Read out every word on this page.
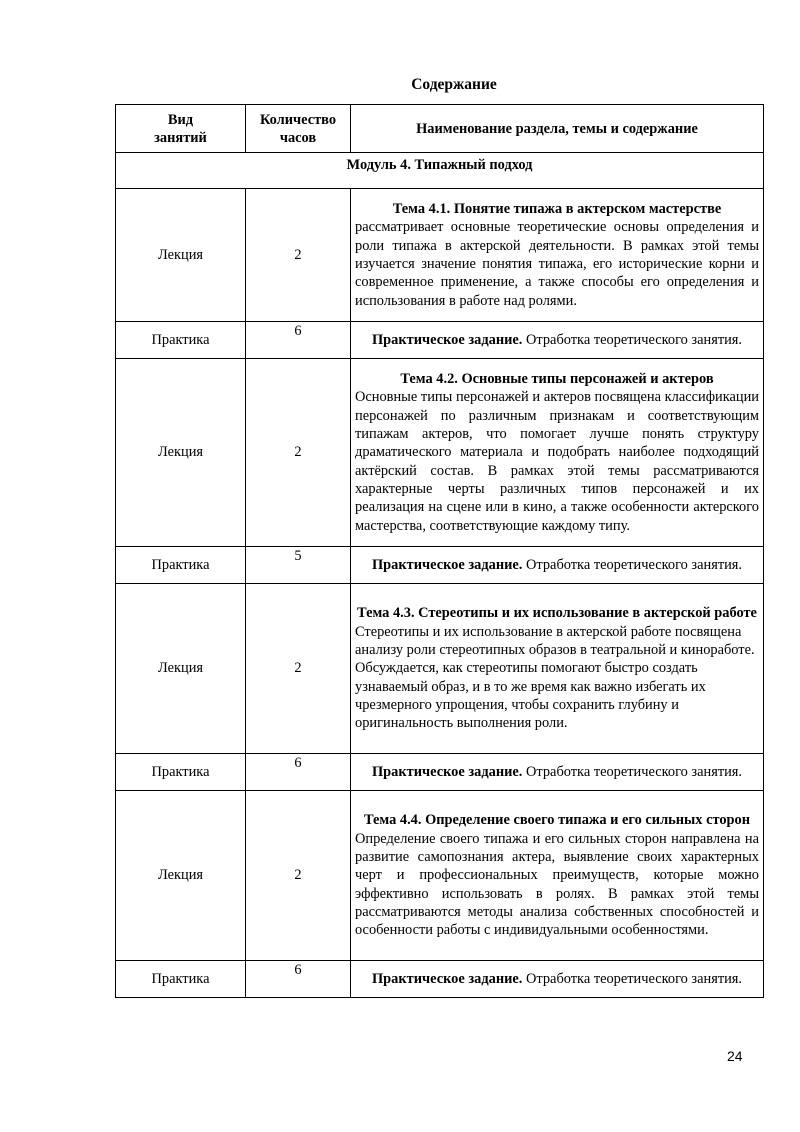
Содержание
Вид занятий	Количество часов	Наименование раздела, темы и содержание
Модуль 4. Типажный подход		
Лекция	2	Тема 4.1. Понятие типажа в актерском мастерстве
рассматривает основные теоретические основы определения и роли типажа в актерской деятельности. В рамках этой темы изучается значение понятия типажа, его исторические корни и современное применение, а также способы его определения и использования в работе над ролями.

Практика	6	Практическое задание. Отработка теоретического занятия.

Лекция	2	Тема 4.2. Основные типы персонажей и актеров
Основные типы персонажей и актеров посвящена классификации персонажей по различным признакам и соответствующим типажам актеров, что помогает лучше понять структуру драматического материала и подобрать наиболее подходящий актёрский состав. В рамках этой темы рассматриваются характерные черты различных типов персонажей и их реализация на сцене или в кино, а также особенности актерского мастерства, соответствующие каждому типу.

Практика	5	Практическое задание. Отработка теоретического занятия.

Лекция	2	Тема 4.3. Стереотипы и их использование в актерской работе
Стереотипы и их использование в актерской работе посвящена анализу роли стереотипных образов в театральной и киноработе. Обсуждается, как стереотипы помогают быстро создать узнаваемый образ, и в то же время как важно избегать их чрезмерного упрощения, чтобы сохранить глубину и оригинальность выполнения роли.

Практика	6	Практическое задание. Отработка теоретического занятия.

Лекция	2	Тема 4.4. Определение своего типажа и его сильных сторон
Определение своего типажа и его сильных сторон направлена на развитие самопознания актера, выявление своих характерных черт и профессиональных преимуществ, которые можно эффективно использовать в ролях. В рамках этой темы рассматриваются методы анализа собственных способностей и особенности работы с индивидуальными особенностями.

Практика	6	Практическое задание. Отработка теоретического занятия.
24
